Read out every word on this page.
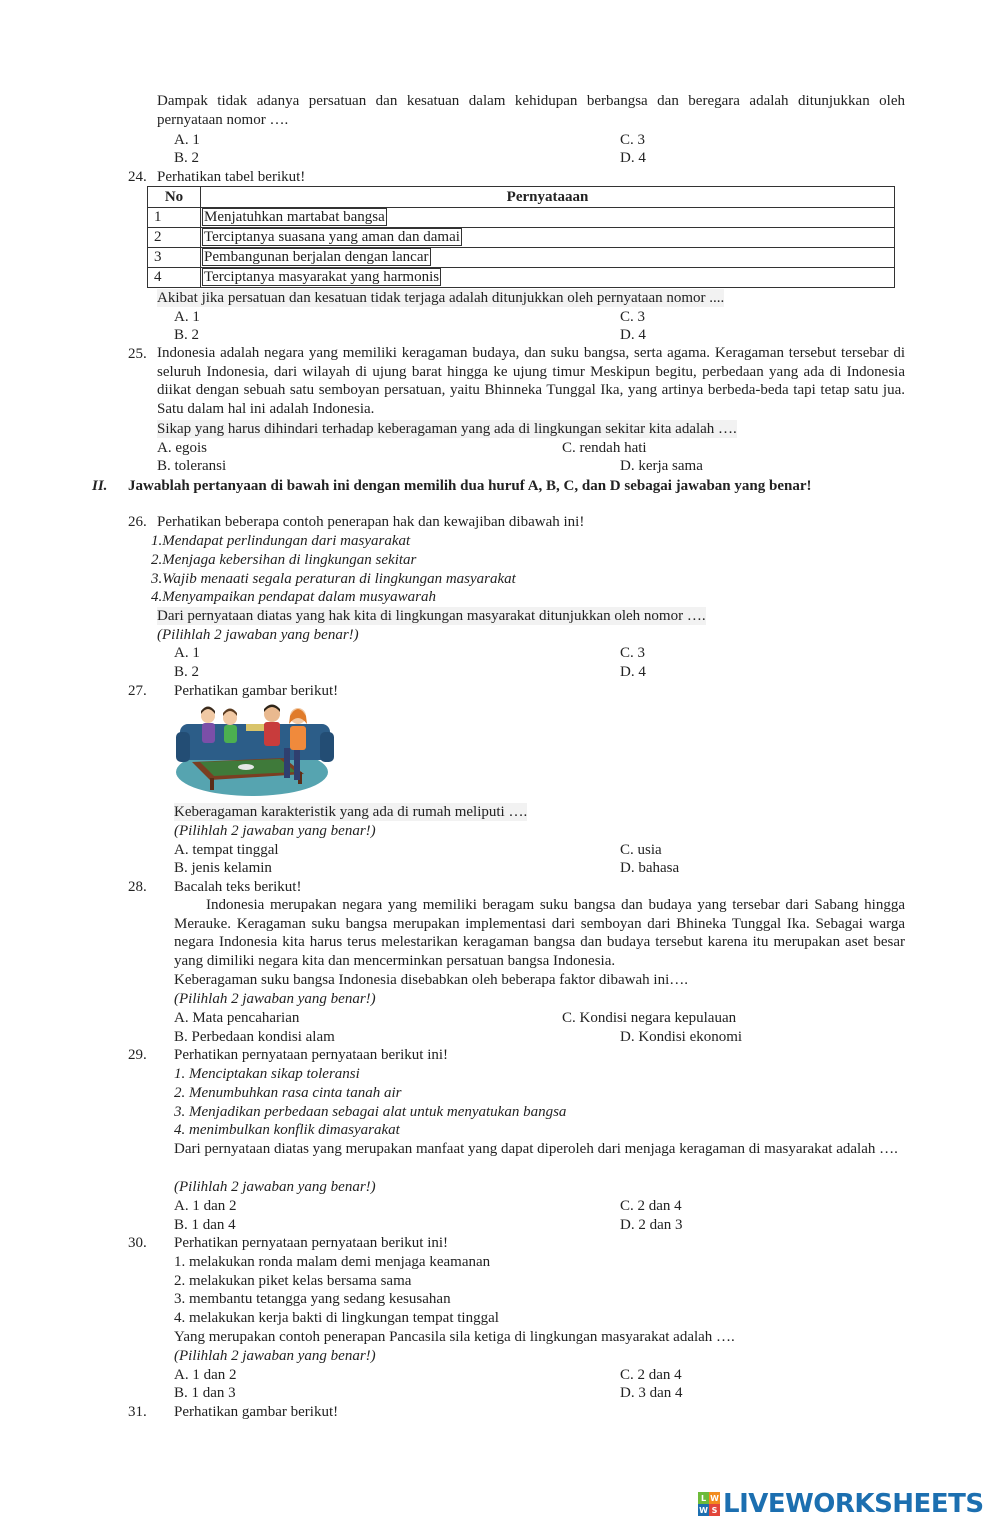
Dampak tidak adanya persatuan dan kesatuan dalam kehidupan berbangsa dan beregara adalah ditunjukkan oleh
pernyataan nomor ….
A. 1
B. 2
C. 3
D. 4
24. Perhatikan tabel berikut!
No	Pernyataaan
1	Menjatuhkan martabat bangsa
2	Terciptanya suasana yang aman dan damai
3	Pembangunan berjalan dengan lancar
4	Terciptanya masyarakat yang harmonis
Akibat jika persatuan dan kesatuan tidak terjaga adalah ditunjukkan oleh pernyataan nomor ....
A. 1
B. 2
C. 3
D. 4
25. Indonesia adalah negara yang memiliki keragaman budaya, dan suku bangsa, serta agama. Keragaman tersebut tersebar di seluruh Indonesia, dari wilayah di ujung barat hingga ke ujung timur Meskipun begitu, perbedaan yang ada di Indonesia diikat dengan sebuah satu semboyan persatuan, yaitu Bhinneka Tunggal Ika, yang artinya berbeda-beda tapi tetap satu jua. Satu dalam hal ini adalah Indonesia.
Sikap yang harus dihindari terhadap keberagaman yang ada di lingkungan sekitar kita adalah ….
A. egois
B. toleransi
C. rendah hati
D. kerja sama
II. Jawablah pertanyaan di bawah ini dengan memilih dua huruf A, B, C, dan D sebagai jawaban yang benar!
26. Perhatikan beberapa contoh penerapan hak dan kewajiban dibawah ini!
1.Mendapat perlindungan dari masyarakat
2.Menjaga kebersihan di lingkungan sekitar
3.Wajib menaati segala peraturan di lingkungan masyarakat
4.Menyampaikan pendapat dalam musyawarah
Dari pernyataan diatas yang hak kita di lingkungan masyarakat ditunjukkan oleh nomor ….
(Pilihlah 2 jawaban yang benar!)
A. 1
B. 2
C. 3
D. 4
27. Perhatikan gambar berikut!
Keberagaman karakteristik yang ada di rumah meliputi ….
(Pilihlah 2 jawaban yang benar!)
A. tempat tinggal
B. jenis kelamin
C. usia
D. bahasa
28. Bacalah teks berikut!
Indonesia merupakan negara yang memiliki beragam suku bangsa dan budaya yang tersebar dari Sabang hingga Merauke. Keragaman suku bangsa merupakan implementasi dari semboyan dari Bhineka Tunggal Ika. Sebagai warga negara Indonesia kita harus terus melestarikan keragaman bangsa dan budaya tersebut karena itu merupakan aset besar yang dimiliki negara kita dan mencerminkan persatuan bangsa Indonesia.
Keberagaman suku bangsa Indonesia disebabkan oleh beberapa faktor dibawah ini….
(Pilihlah 2 jawaban yang benar!)
A. Mata pencaharian
B. Perbedaan kondisi alam
C. Kondisi negara kepulauan
D. Kondisi ekonomi
29. Perhatikan pernyataan pernyataan berikut ini!
1. Menciptakan sikap toleransi
2. Menumbuhkan rasa cinta tanah air
3. Menjadikan perbedaan sebagai alat untuk menyatukan bangsa
4. menimbulkan konflik dimasyarakat
Dari pernyataan diatas yang merupakan manfaat yang dapat diperoleh dari menjaga keragaman di masyarakat adalah ….
(Pilihlah 2 jawaban yang benar!)
A. 1 dan 2
B. 1 dan 4
C. 2 dan 4
D. 2 dan 3
30. Perhatikan pernyataan pernyataan berikut ini!
1. melakukan ronda malam demi menjaga keamanan
2. melakukan piket kelas bersama sama
3. membantu tetangga yang sedang kesusahan
4. melakukan kerja bakti di lingkungan tempat tinggal
Yang merupakan contoh penerapan Pancasila sila ketiga di lingkungan masyarakat adalah ….
(Pilihlah 2 jawaban yang benar!)
A. 1 dan 2
B. 1 dan 3
C. 2 dan 4
D. 3 dan 4
31. Perhatikan gambar berikut!
L W
W S LIVEWORKSHEETS
